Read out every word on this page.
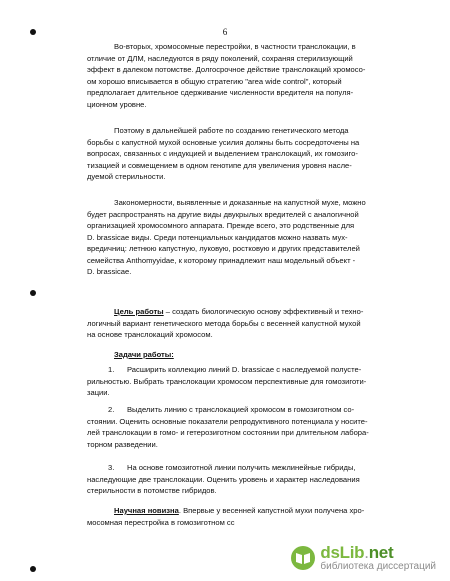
6
Во-вторых, хромосомные перестройки, в частности транслокации, в
отличие от ДЛМ, наследуются в ряду поколений, сохраняя стерилизующий
эффект в далеком потомстве. Долгосрочное действие транслокаций хромосо-
ом хорошо вписывается в общую стратегию "area wide control", который
предполагает длительное сдерживание численности вредителя на популя-
ционном уровне.
Поэтому в дальнейшей работе по созданию генетического метода
борьбы с капустной мухой основные усилия должны быть сосредоточены на
вопросах, связанных с индукцией и выделением транслокаций, их гомозиго-
тизацией и совмещением в одном генотипе для увеличения уровня насле-
дуемой стерильности.
Закономерности, выявленные и доказанные на капустной мухе, можно
будет распространять на другие виды двукрылых вредителей с аналогичной
организацией хромосомного аппарата. Прежде всего, это родственные для
D. brassicae виды. Среди потенциальных кандидатов можно назвать мух-
вредичниц: летнюю капустную, луковую, ростковую и других представителей
семейства Anthomyyidae, к которому принадлежит наш модельный объект -
D. brassicae.
Цель работы – создать биологическую основу эффективный и техно-
логичный вариант генетического метода борьбы с весенней капустной мухой
на основе транслокаций хромосом.
Задачи работы:
1.      Расширить коллекцию линий D. brassicae с наследуемой полусте-
рильностью. Выбрать транслокации хромосом перспективные для гомозиготи-
зации.
2.      Выделить линию с транслокацией хромосом в гомозиготном со-
стоянии. Оценить основные показатели репродуктивного потенциала у носите-
лей транслокации в гомо- и гетерозиготном состоянии при длительном лабора-
торном разведении.
3.      На основе гомозиготной линии получить межлинейные гибриды,
наследующие две транслокации. Оценить уровень и характер наследования
стерильности в потомстве гибридов.
Научная новизна. Впервые у весенней капустной мухи получена хро-
мосомная перестройка в гомозиготном сс
dsLib.net
библиотека диссертаций
